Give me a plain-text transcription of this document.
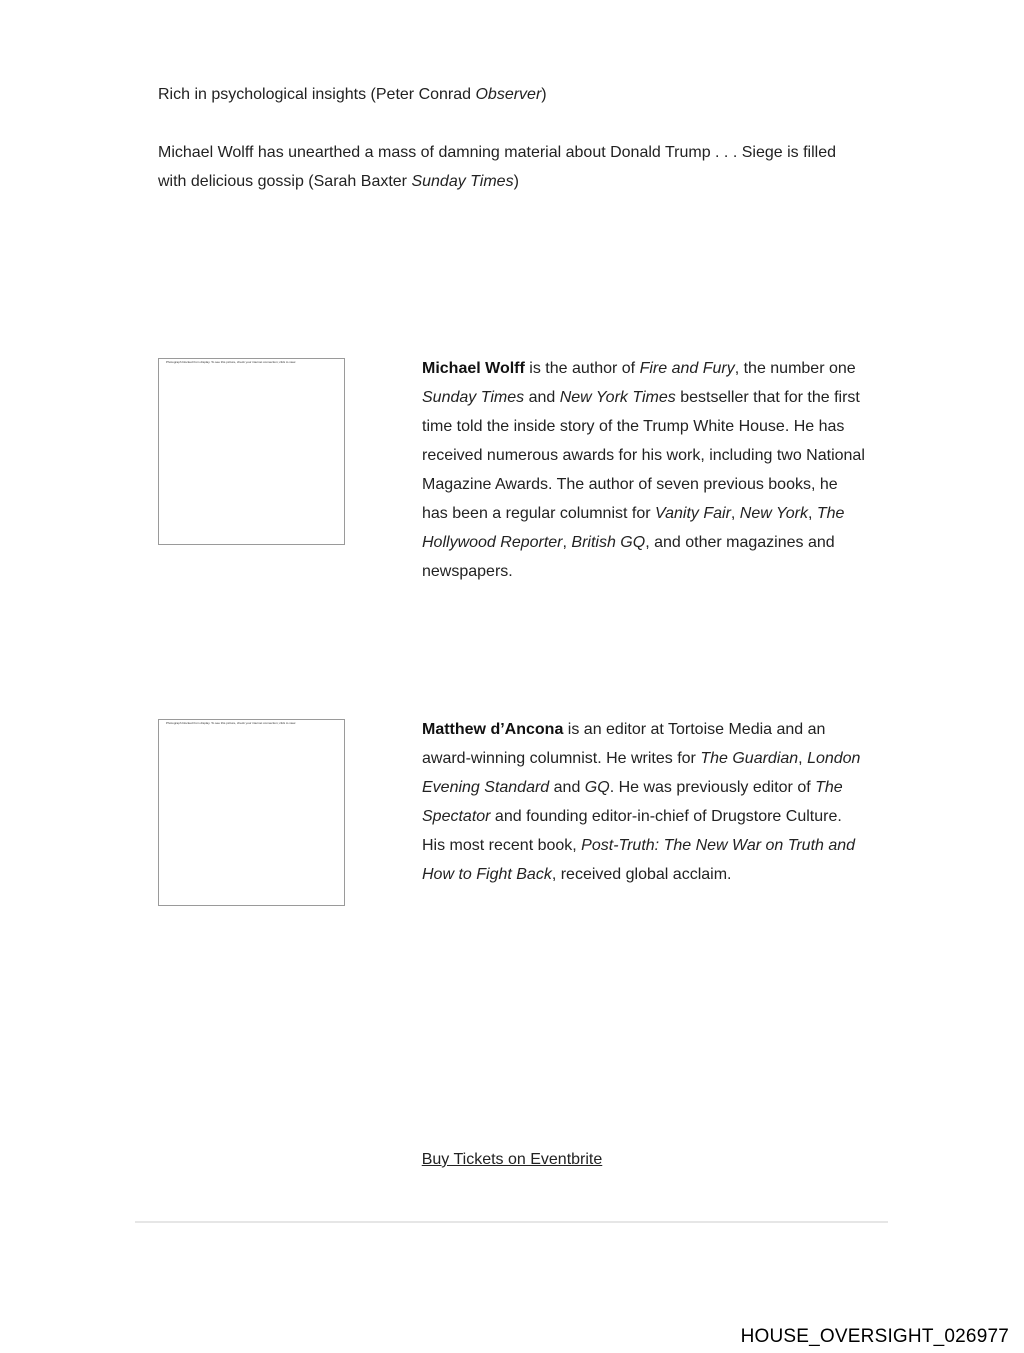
Rich in psychological insights (Peter Conrad Observer)

Michael Wolff has unearthed a mass of damning material about Donald Trump . . . Siege is filled with delicious gossip (Sarah Baxter Sunday Times)

Photograph blocked from display. To see this picture, check your internet connection; click to view.	Michael Wolff is the author of Fire and Fury, the number one Sunday Times and New York Times bestseller that for the first time told the inside story of the Trump White House. He has received numerous awards for his work, including two National Magazine Awards. The author of seven previous books, he has been a regular columnist for Vanity Fair, New York, The Hollywood Reporter, British GQ, and other magazines and newspapers.

Photograph blocked from display. To see this picture, check your internet connection; click to view.	Matthew d’Ancona is an editor at Tortoise Media and an award-winning columnist. He writes for The Guardian, London Evening Standard and GQ. He was previously editor of The Spectator and founding editor-in-chief of Drugstore Culture. His most recent book, Post-Truth: The New War on Truth and How to Fight Back, received global acclaim.

Buy Tickets on Eventbrite
HOUSE_OVERSIGHT_026977
